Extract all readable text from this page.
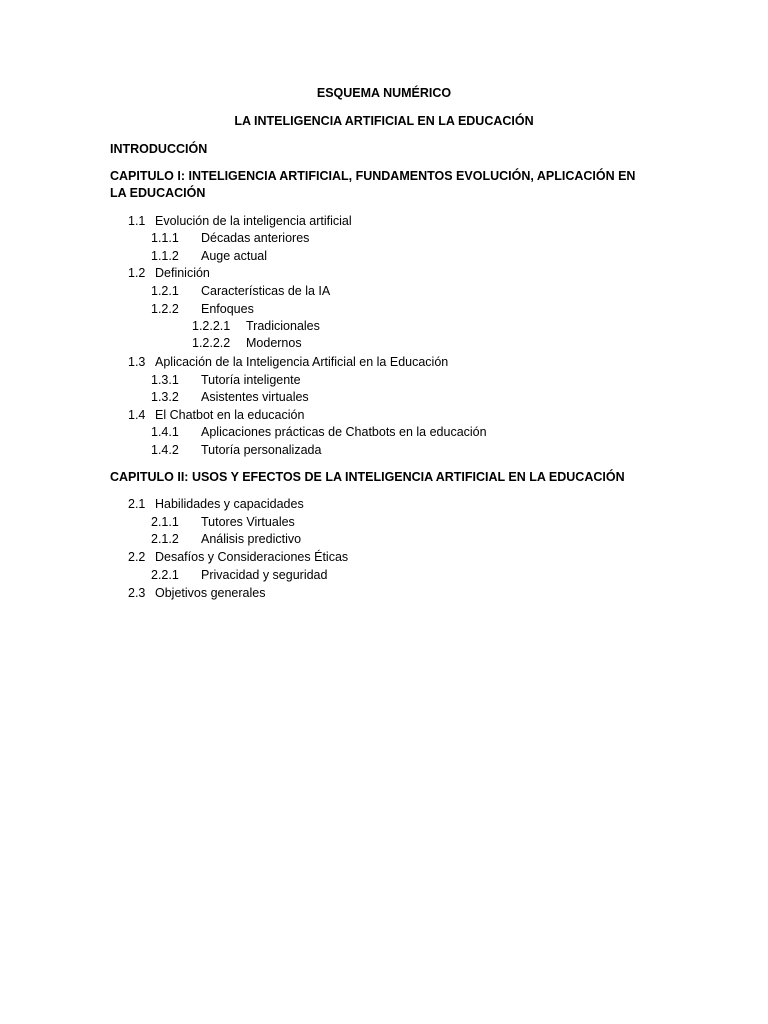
ESQUEMA NUMÉRICO
LA INTELIGENCIA ARTIFICIAL EN LA EDUCACIÓN
INTRODUCCIÓN
CAPITULO I: INTELIGENCIA ARTIFICIAL, FUNDAMENTOS EVOLUCIÓN, APLICACIÓN EN LA EDUCACIÓN
1.1 Evolución de la inteligencia artificial
1.1.1 Décadas anteriores
1.1.2 Auge actual
1.2 Definición
1.2.1 Características de la IA
1.2.2 Enfoques
1.2.2.1 Tradicionales
1.2.2.2 Modernos
1.3 Aplicación de la Inteligencia Artificial en la Educación
1.3.1 Tutoría inteligente
1.3.2 Asistentes virtuales
1.4 El Chatbot en la educación
1.4.1 Aplicaciones prácticas de Chatbots en la educación
1.4.2 Tutoría personalizada
CAPITULO II: USOS Y EFECTOS DE LA INTELIGENCIA ARTIFICIAL EN LA EDUCACIÓN
2.1 Habilidades y capacidades
2.1.1 Tutores Virtuales
2.1.2 Análisis predictivo
2.2 Desafíos y Consideraciones Éticas
2.2.1 Privacidad y seguridad
2.3 Objetivos generales
